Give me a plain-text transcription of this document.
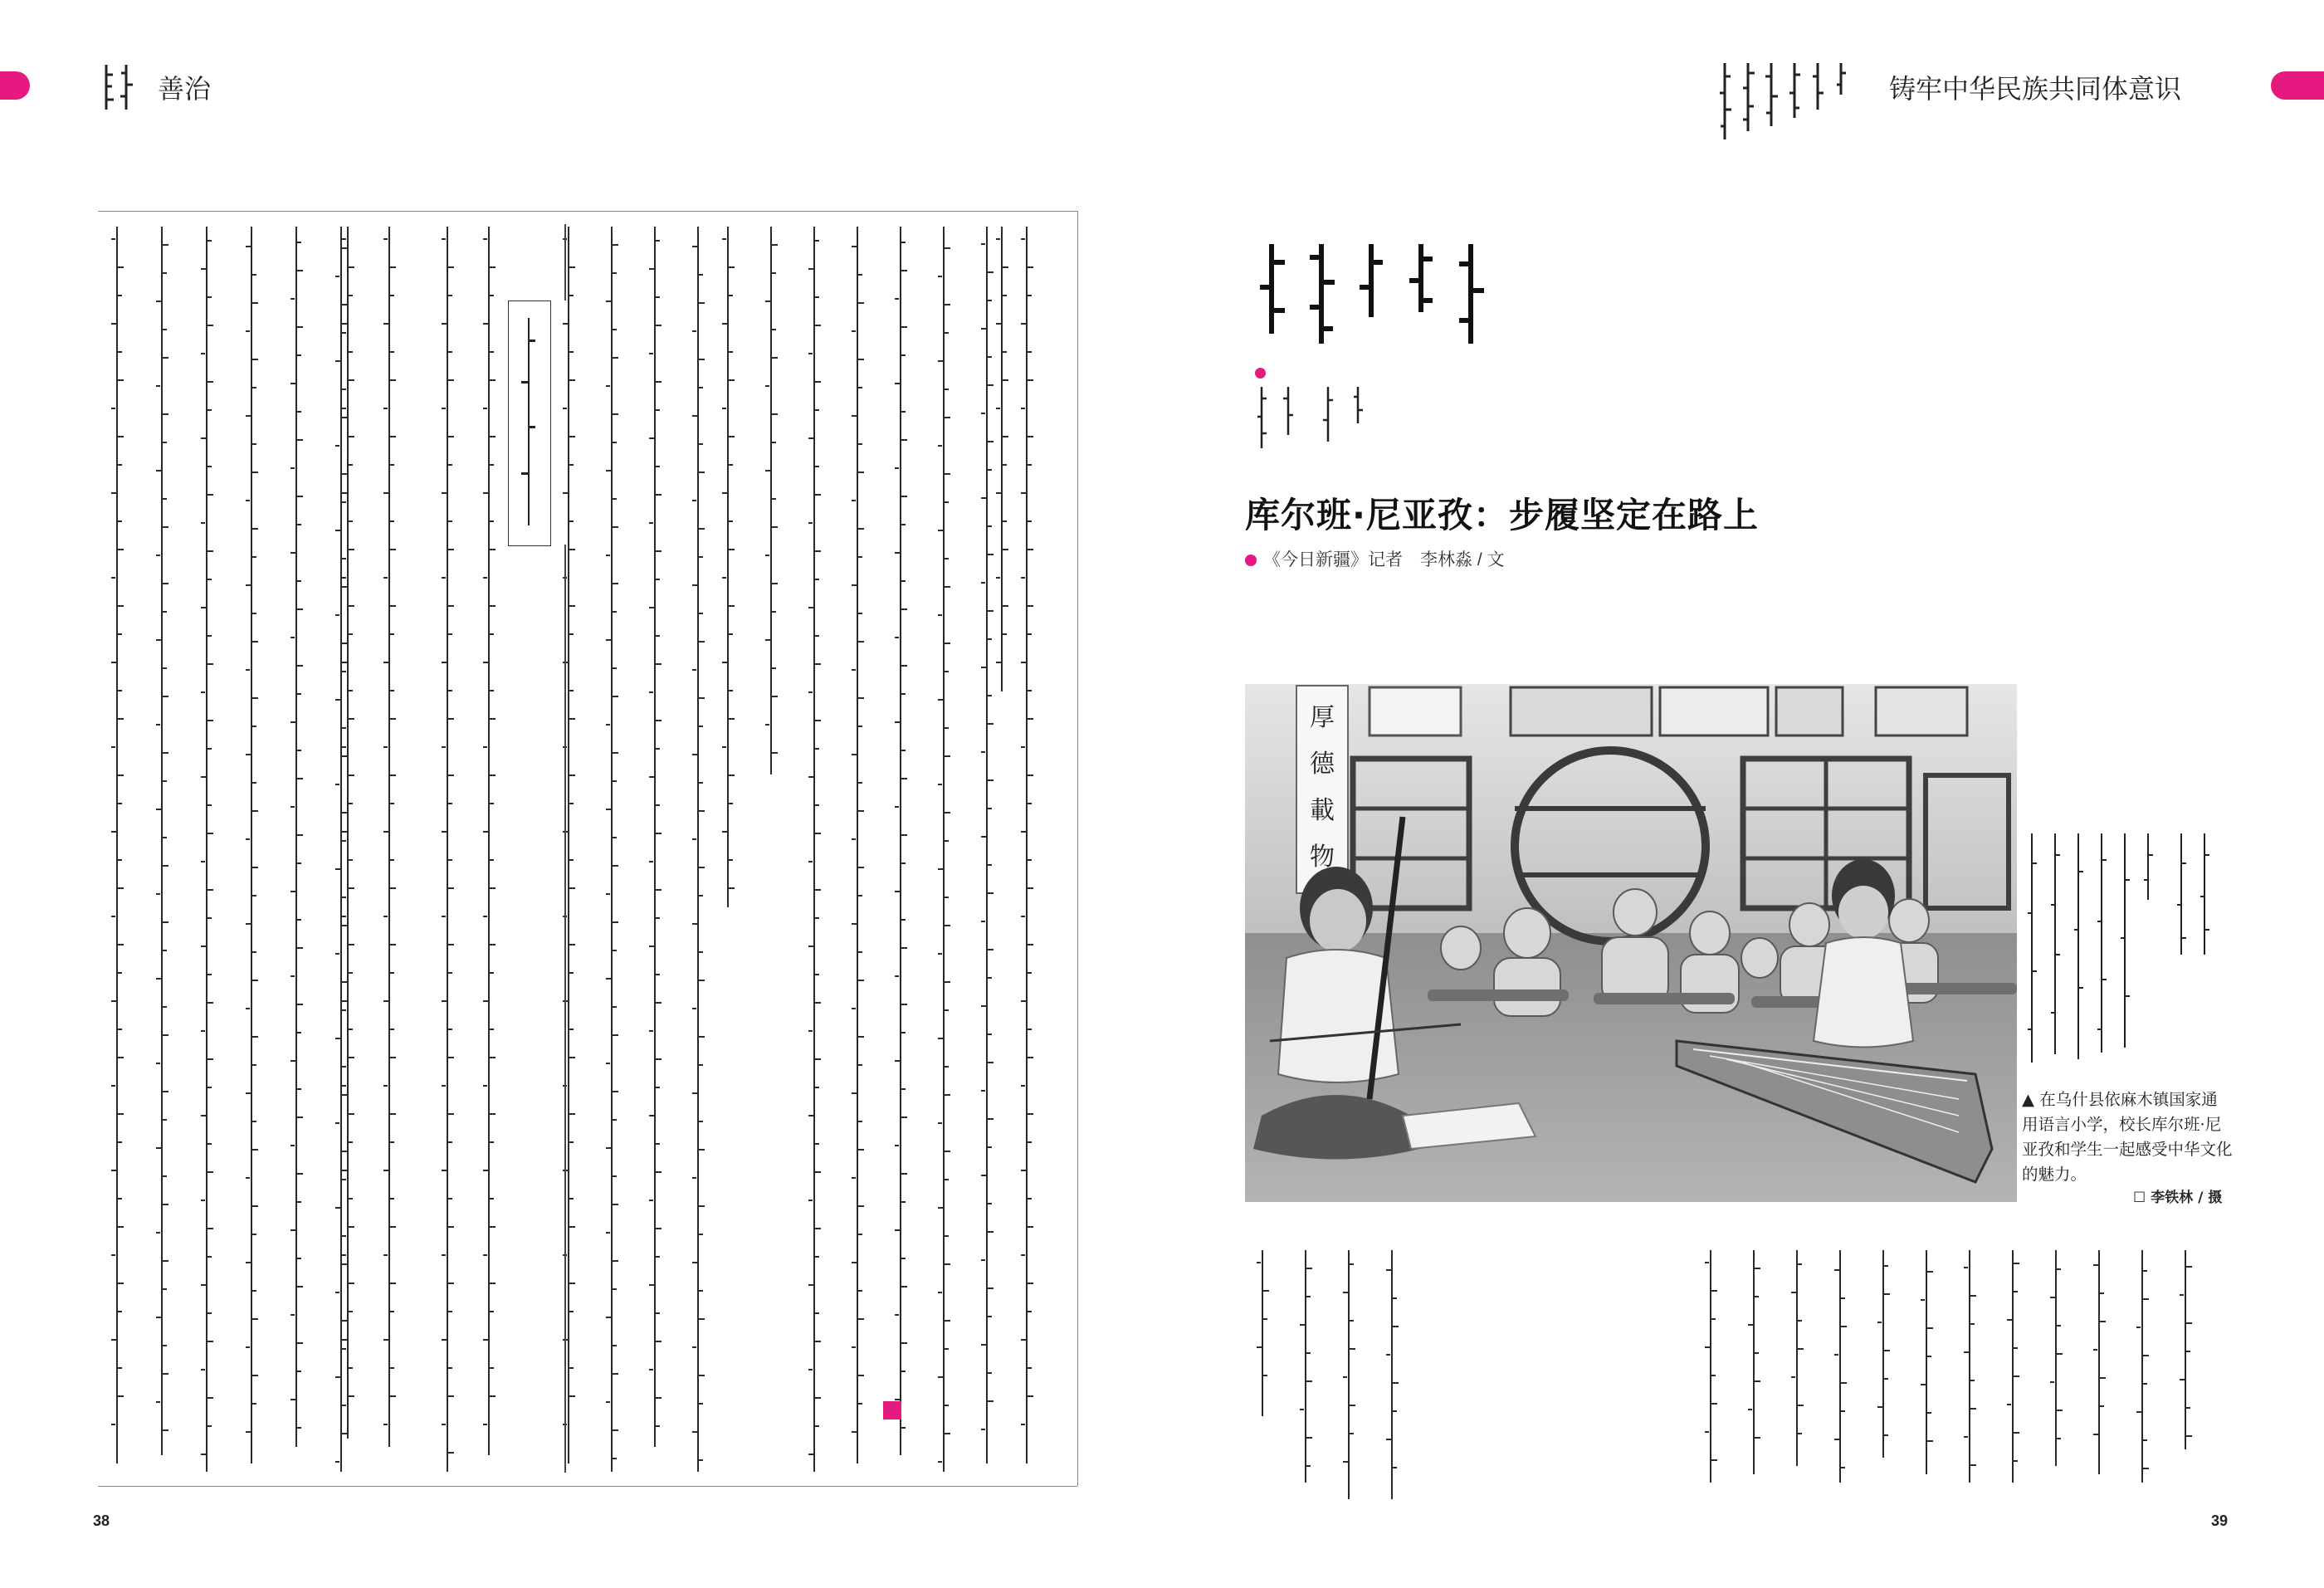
善治	铸牢中华民族共同体意识
38
库尔班·尼亚孜：步履坚定在路上
《今日新疆》记者　李林淼 / 文
厚德載物
▲ 在乌什县依麻木镇国家通用语言小学，校长库尔班·尼亚孜和学生一起感受中华文化的魅力。
☐ 李铁林 / 摄
39
